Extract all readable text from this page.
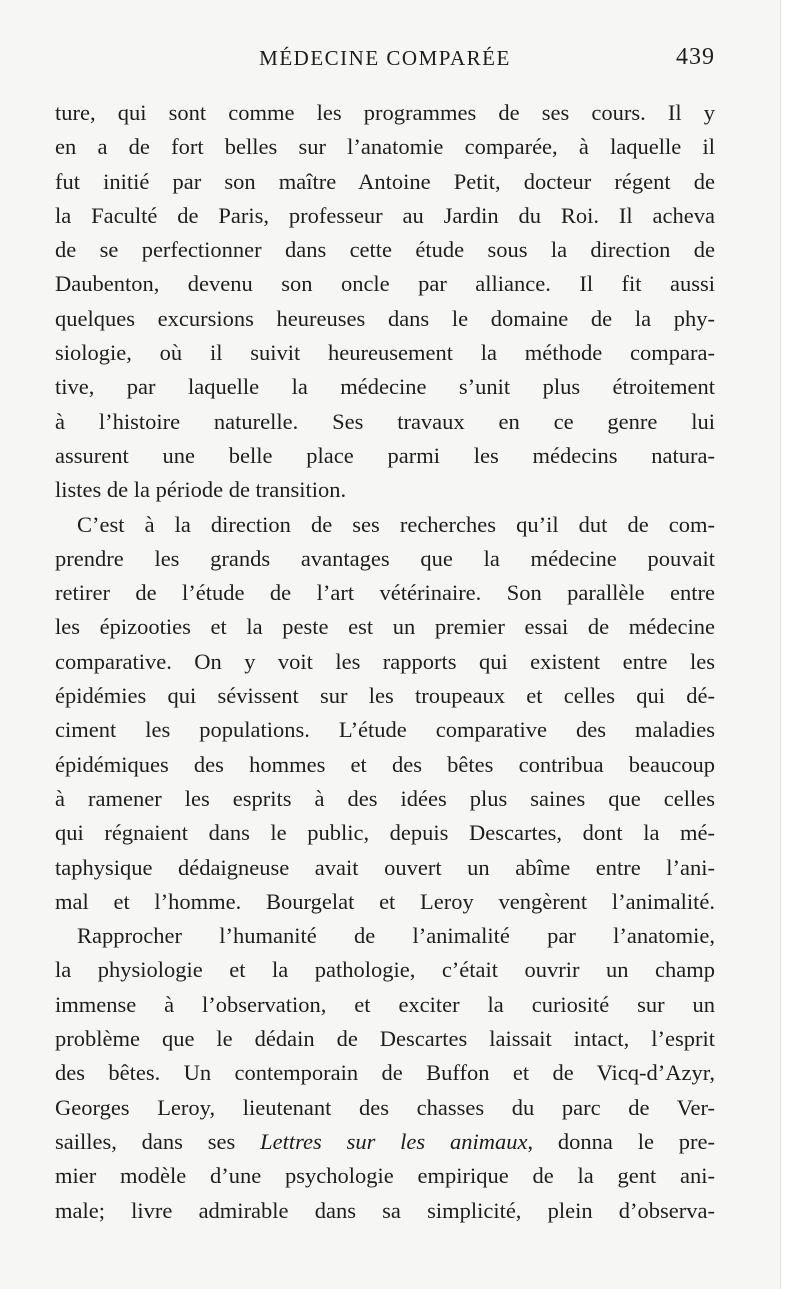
MÉDECINE COMPARÉE	439
ture, qui sont comme les programmes de ses cours. Il y
en a de fort belles sur l’anatomie comparée, à laquelle il
fut initié par son maître Antoine Petit, docteur régent de
la Faculté de Paris, professeur au Jardin du Roi. Il acheva
de se perfectionner dans cette étude sous la direction de
Daubenton, devenu son oncle par alliance. Il fit aussi
quelques excursions heureuses dans le domaine de la phy-
siologie, où il suivit heureusement la méthode compara-
tive, par laquelle la médecine s’unit plus étroitement
à l’histoire naturelle. Ses travaux en ce genre lui
assurent une belle place parmi les médecins natura-
listes de la période de transition.
C’est à la direction de ses recherches qu’il dut de com-
prendre les grands avantages que la médecine pouvait
retirer de l’étude de l’art vétérinaire. Son parallèle entre
les épizooties et la peste est un premier essai de médecine
comparative. On y voit les rapports qui existent entre les
épidémies qui sévissent sur les troupeaux et celles qui dé-
ciment les populations. L’étude comparative des maladies
épidémiques des hommes et des bêtes contribua beaucoup
à ramener les esprits à des idées plus saines que celles
qui régnaient dans le public, depuis Descartes, dont la mé-
taphysique dédaigneuse avait ouvert un abîme entre l’ani-
mal et l’homme. Bourgelat et Leroy vengèrent l’animalité.
Rapprocher l’humanité de l’animalité par l’anatomie,
la physiologie et la pathologie, c’était ouvrir un champ
immense à l’observation, et exciter la curiosité sur un
problème que le dédain de Descartes laissait intact, l’esprit
des bêtes. Un contemporain de Buffon et de Vicq-d’Azyr,
Georges Leroy, lieutenant des chasses du parc de Ver-
sailles, dans ses Lettres sur les animaux, donna le pre-
mier modèle d’une psychologie empirique de la gent ani-
male; livre admirable dans sa simplicité, plein d’observa-
